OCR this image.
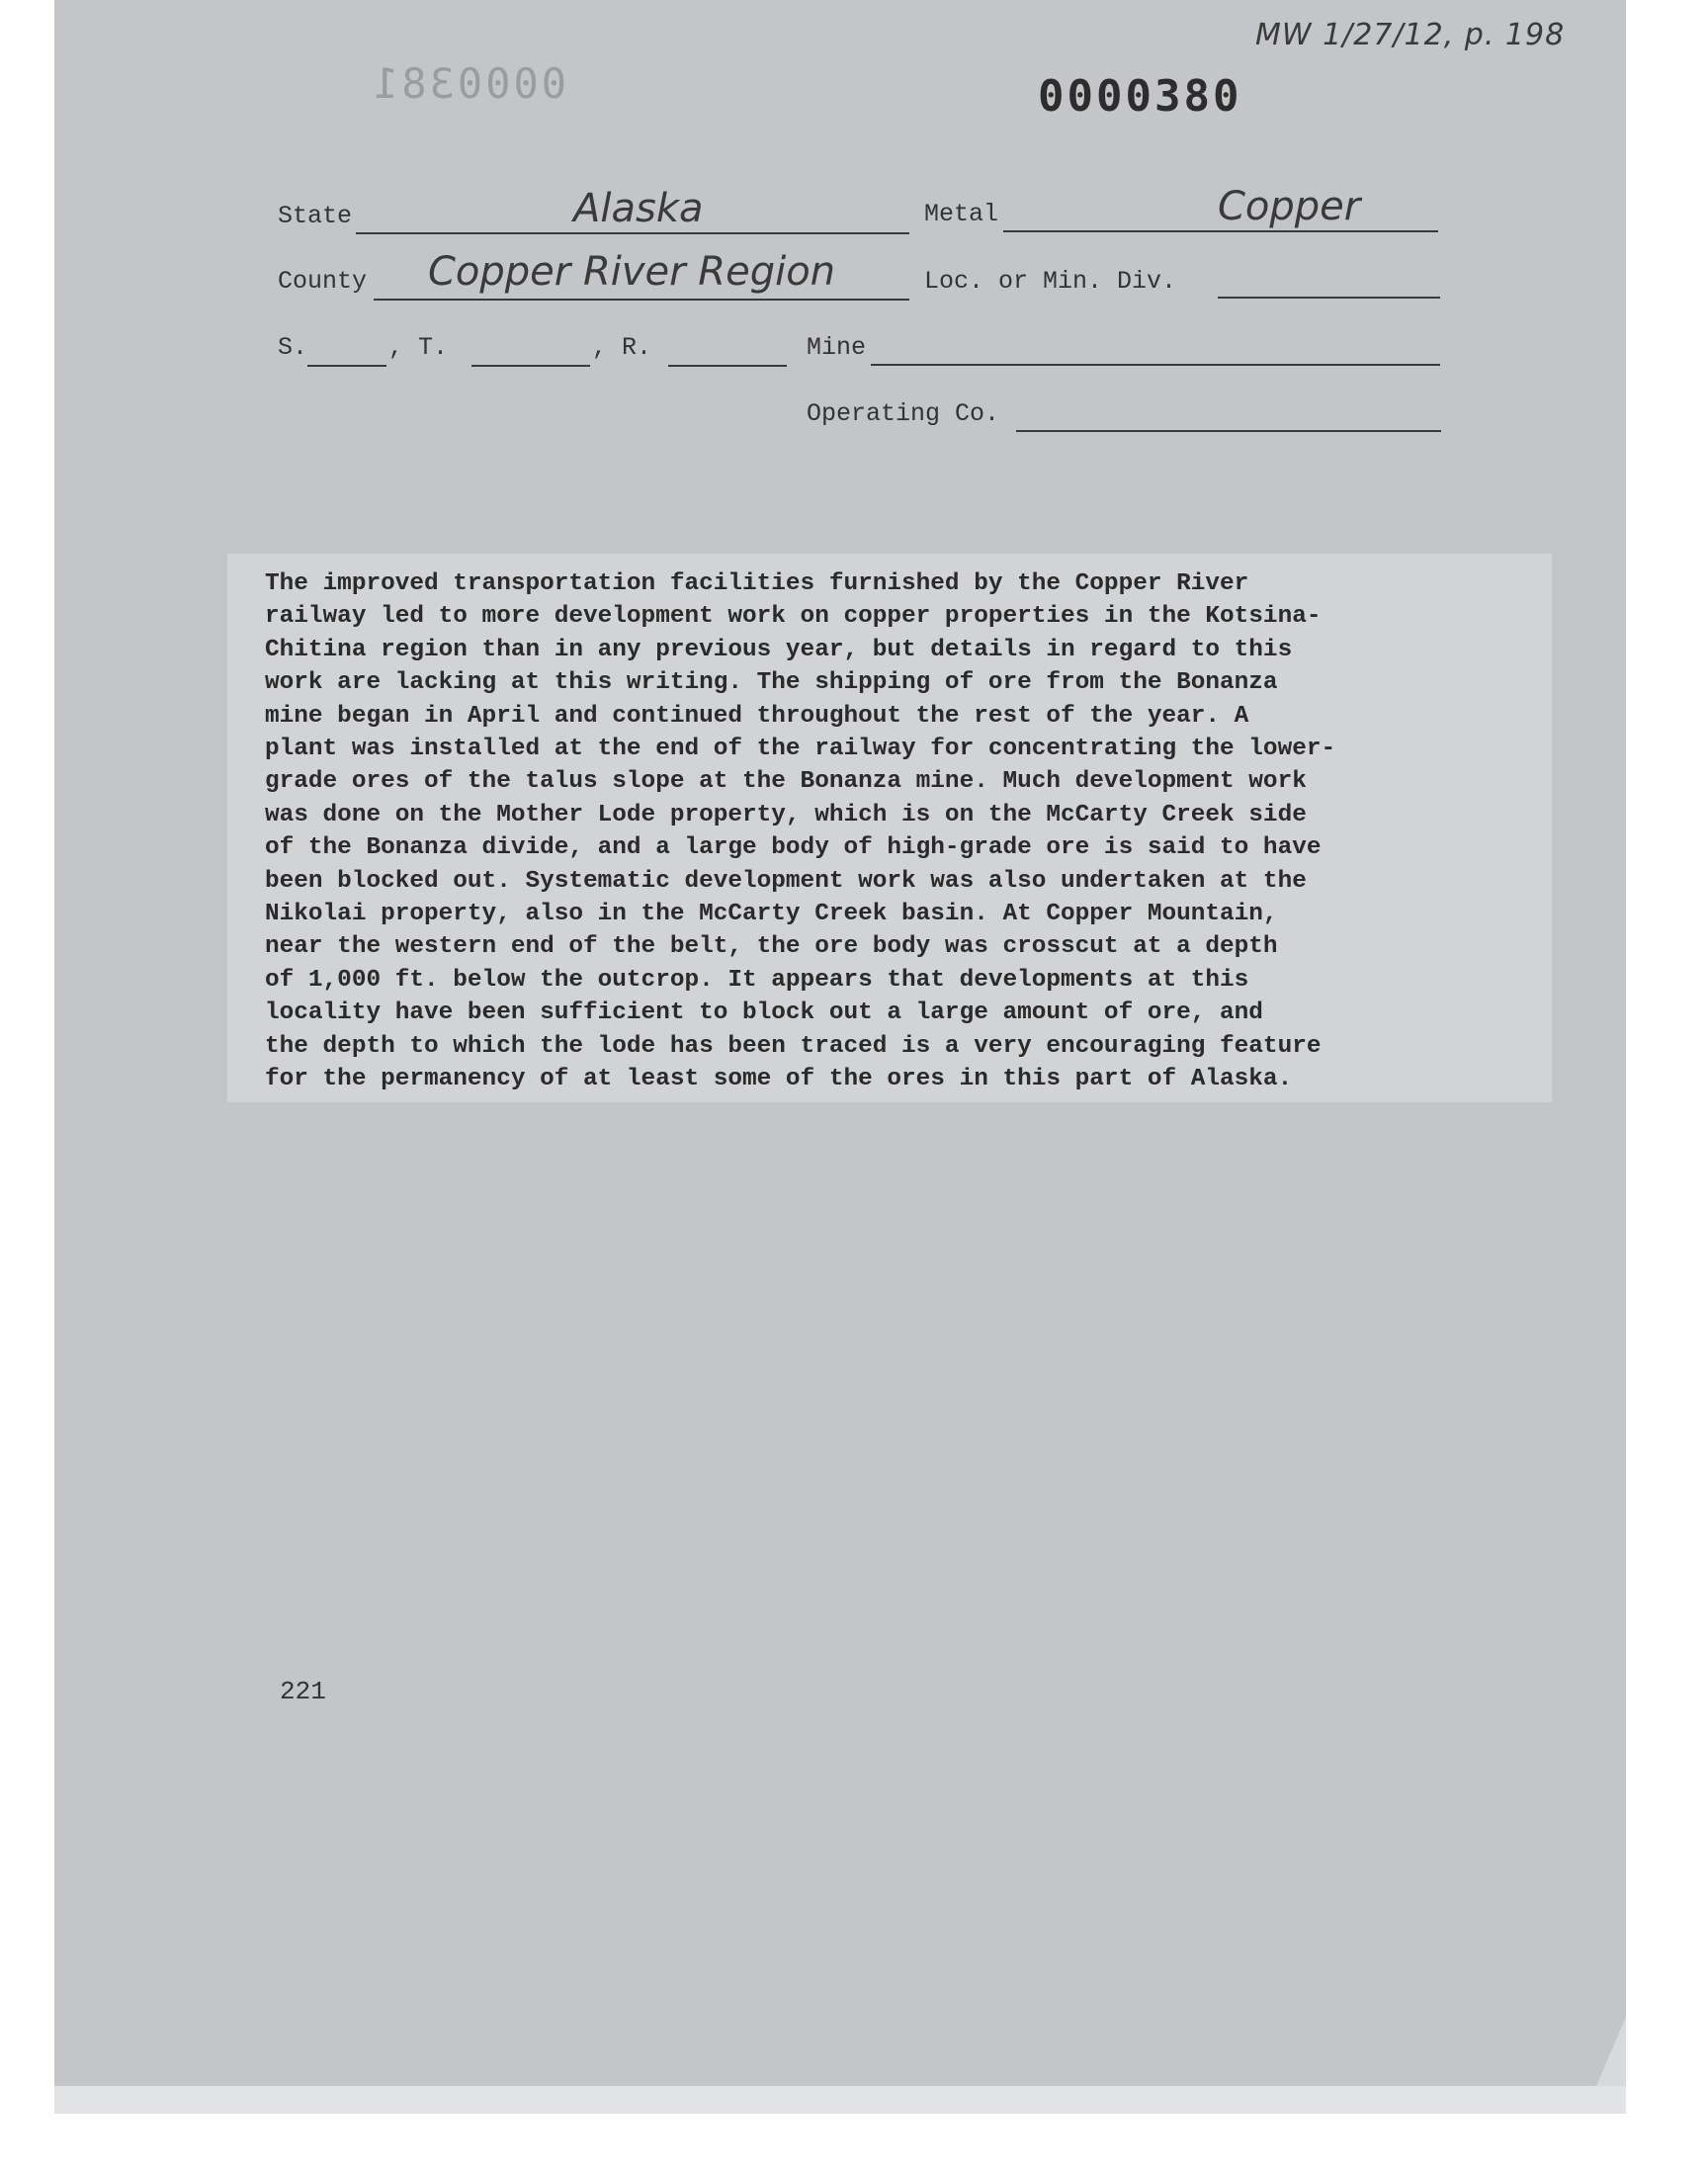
MW 1/27/12, p. 198
0000381	0000380
State	Alaska	Metal	Copper
County Copper River Region	Loc. or Min. Div.
S.	, T.	, R.	Mine
Operating Co.
The improved transportation facilities furnished by the Copper River
railway led to more development work on copper properties in the Kotsina-
Chitina region than in any previous year, but details in regard to this
work are lacking at this writing. The shipping of ore from the Bonanza
mine began in April and continued throughout the rest of the year. A
plant was installed at the end of the railway for concentrating the lower-
grade ores of the talus slope at the Bonanza mine. Much development work
was done on the Mother Lode property, which is on the McCarty Creek side
of the Bonanza divide, and a large body of high-grade ore is said to have
been blocked out. Systematic development work was also undertaken at the
Nikolai property, also in the McCarty Creek basin. At Copper Mountain,
near the western end of the belt, the ore body was crosscut at a depth
of 1,000 ft. below the outcrop. It appears that developments at this
locality have been sufficient to block out a large amount of ore, and
the depth to which the lode has been traced is a very encouraging feature
for the permanency of at least some of the ores in this part of Alaska.
221
